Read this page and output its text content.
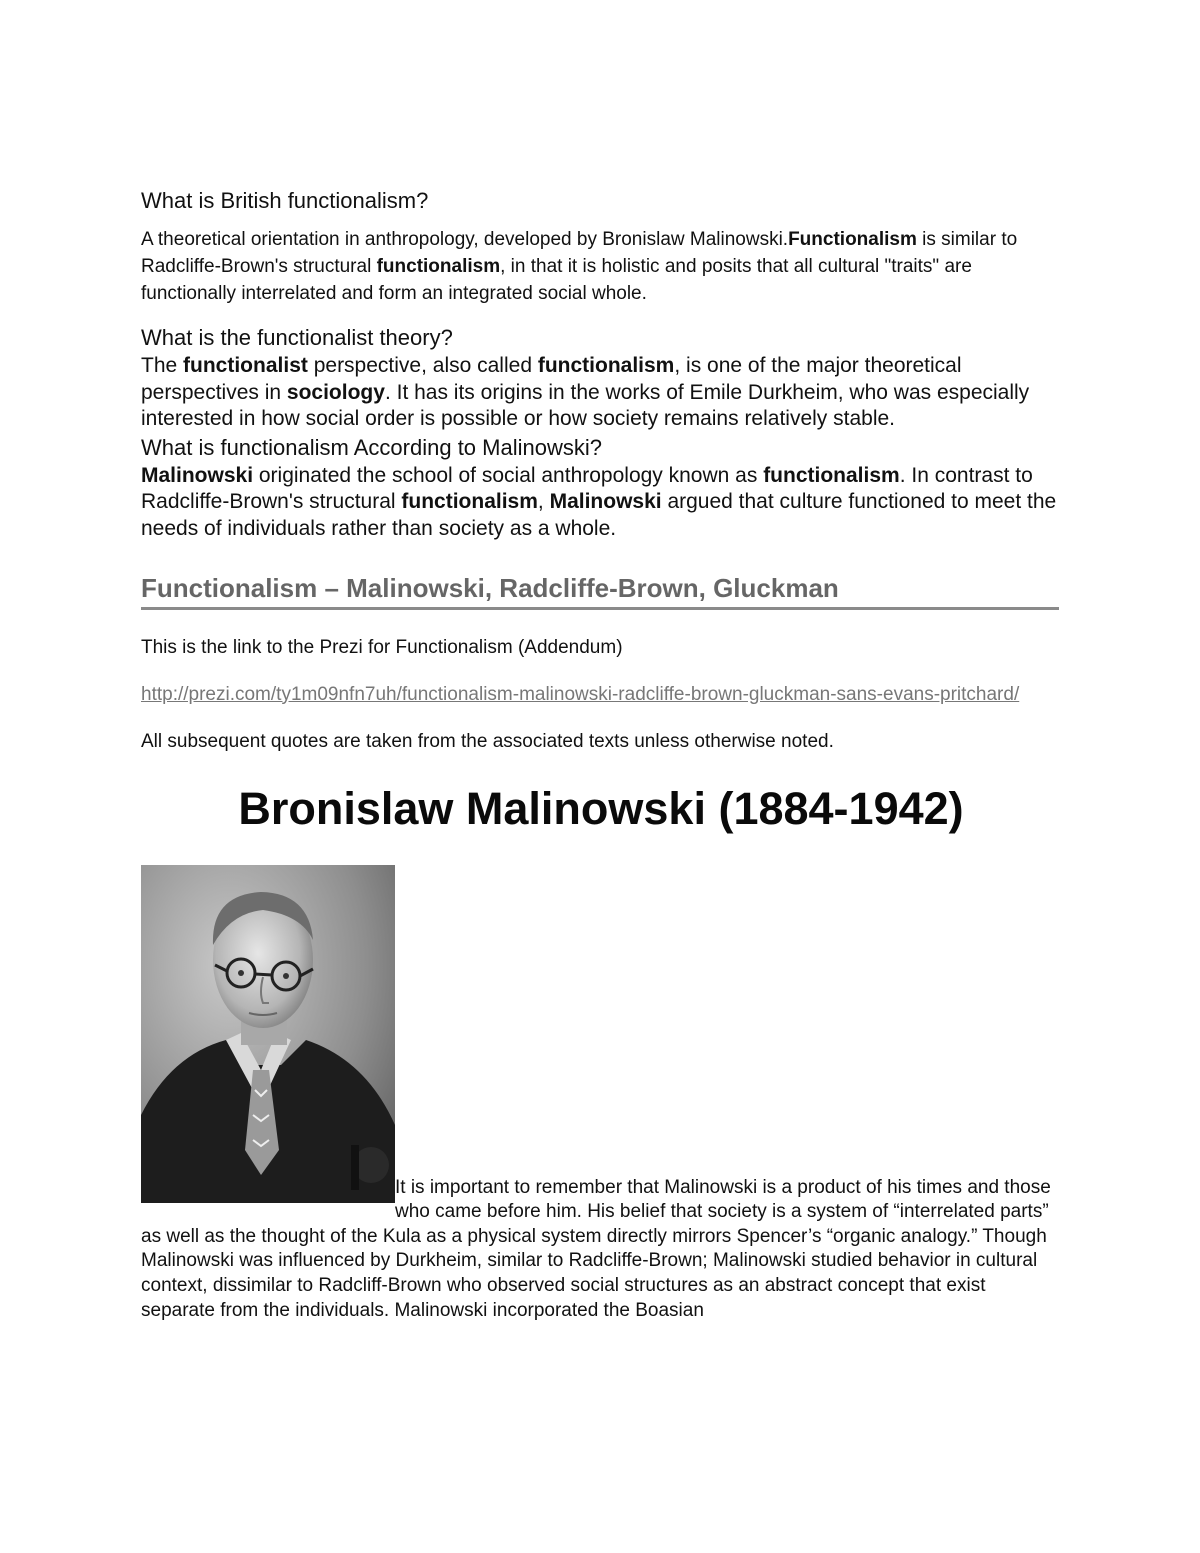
What is British functionalism?

A theoretical orientation in anthropology, developed by Bronislaw Malinowski.Functionalism is similar to Radcliffe-Brown's structural functionalism, in that it is holistic and posits that all cultural "traits" are functionally interrelated and form an integrated social whole.

What is the functionalist theory?

The functionalist perspective, also called functionalism, is one of the major theoretical perspectives in sociology. It has its origins in the works of Emile Durkheim, who was especially interested in how social order is possible or how society remains relatively stable.

What is functionalism According to Malinowski?

Malinowski originated the school of social anthropology known as functionalism. In contrast to Radcliffe-Brown's structural functionalism, Malinowski argued that culture functioned to meet the needs of individuals rather than society as a whole.

Functionalism – Malinowski, Radcliffe-Brown, Gluckman

This is the link to the Prezi for Functionalism (Addendum)

http://prezi.com/ty1m09nfn7uh/functionalism-malinowski-radcliffe-brown-gluckman-sans-evans-pritchard/

All subsequent quotes are taken from the associated texts unless otherwise noted.

Bronislaw Malinowski (1884-1942)

It is important to remember that Malinowski is a product of his times and those who came before him. His belief that society is a system of “interrelated parts” as well as the thought of the Kula as a physical system directly mirrors Spencer’s “organic analogy.” Though Malinowski was influenced by Durkheim, similar to Radcliffe-Brown; Malinowski studied behavior in cultural context, dissimilar to Radcliff-Brown who observed social structures as an abstract concept that exist separate from the individuals. Malinowski incorporated the Boasian
